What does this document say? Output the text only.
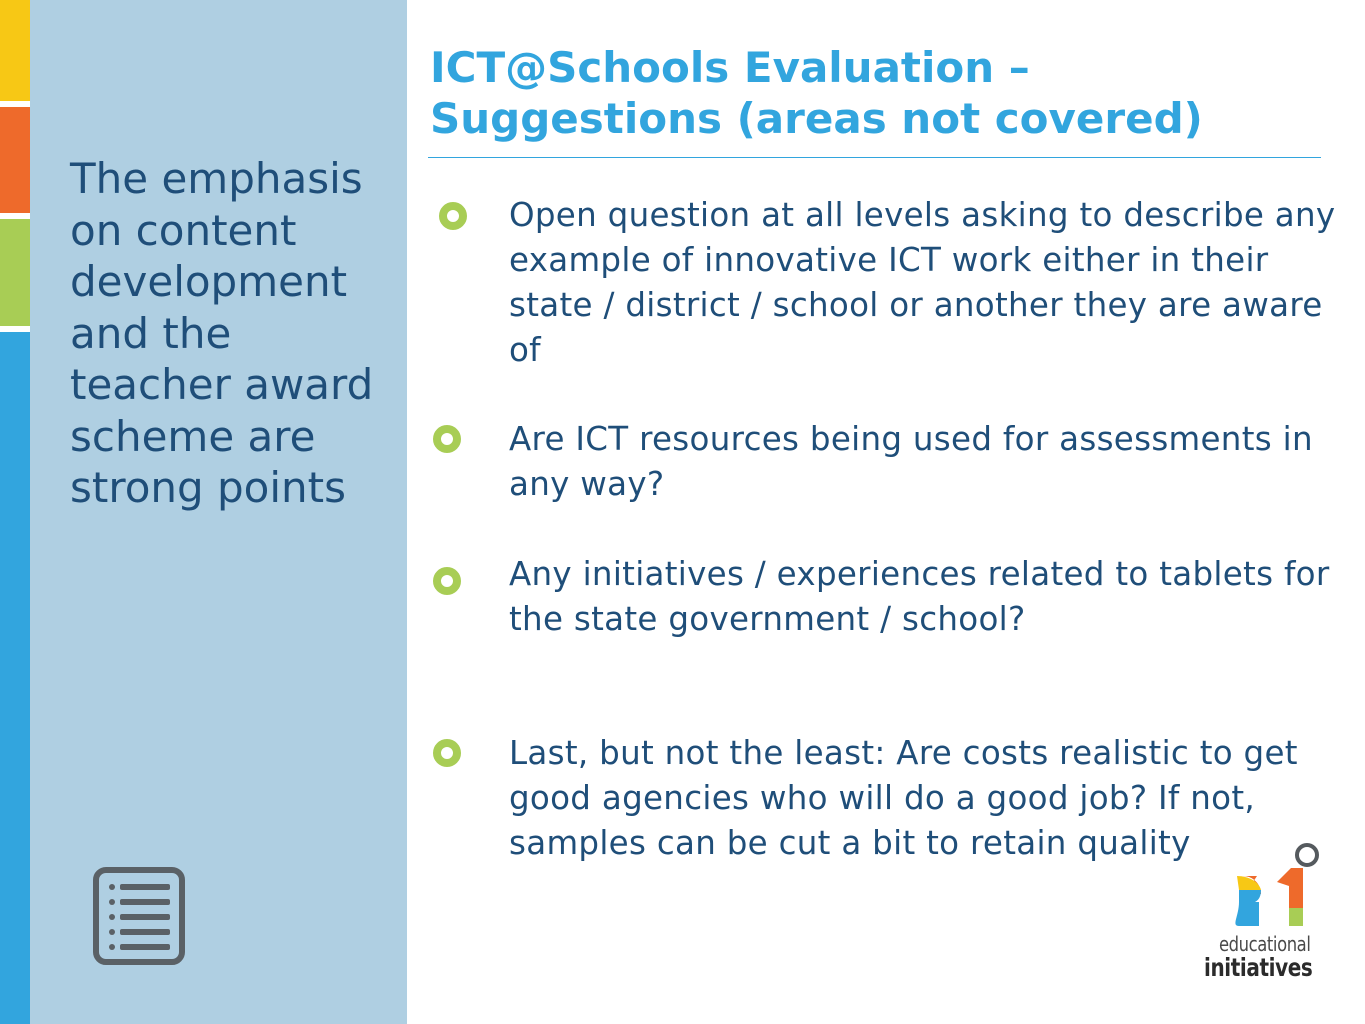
The emphasis on content development and the teacher award scheme are strong points
ICT@Schools Evaluation –
Suggestions (areas not covered)
Open question at all levels asking to describe any example of innovative ICT work either in their state / district / school or another they are aware of
Are ICT resources being used for assessments in any way?
Any initiatives / experiences related to tablets for the state government / school?
Last, but not the least: Are costs realistic to get good agencies who will do a good job? If not, samples can be cut a bit to retain quality
educational
initiatives
